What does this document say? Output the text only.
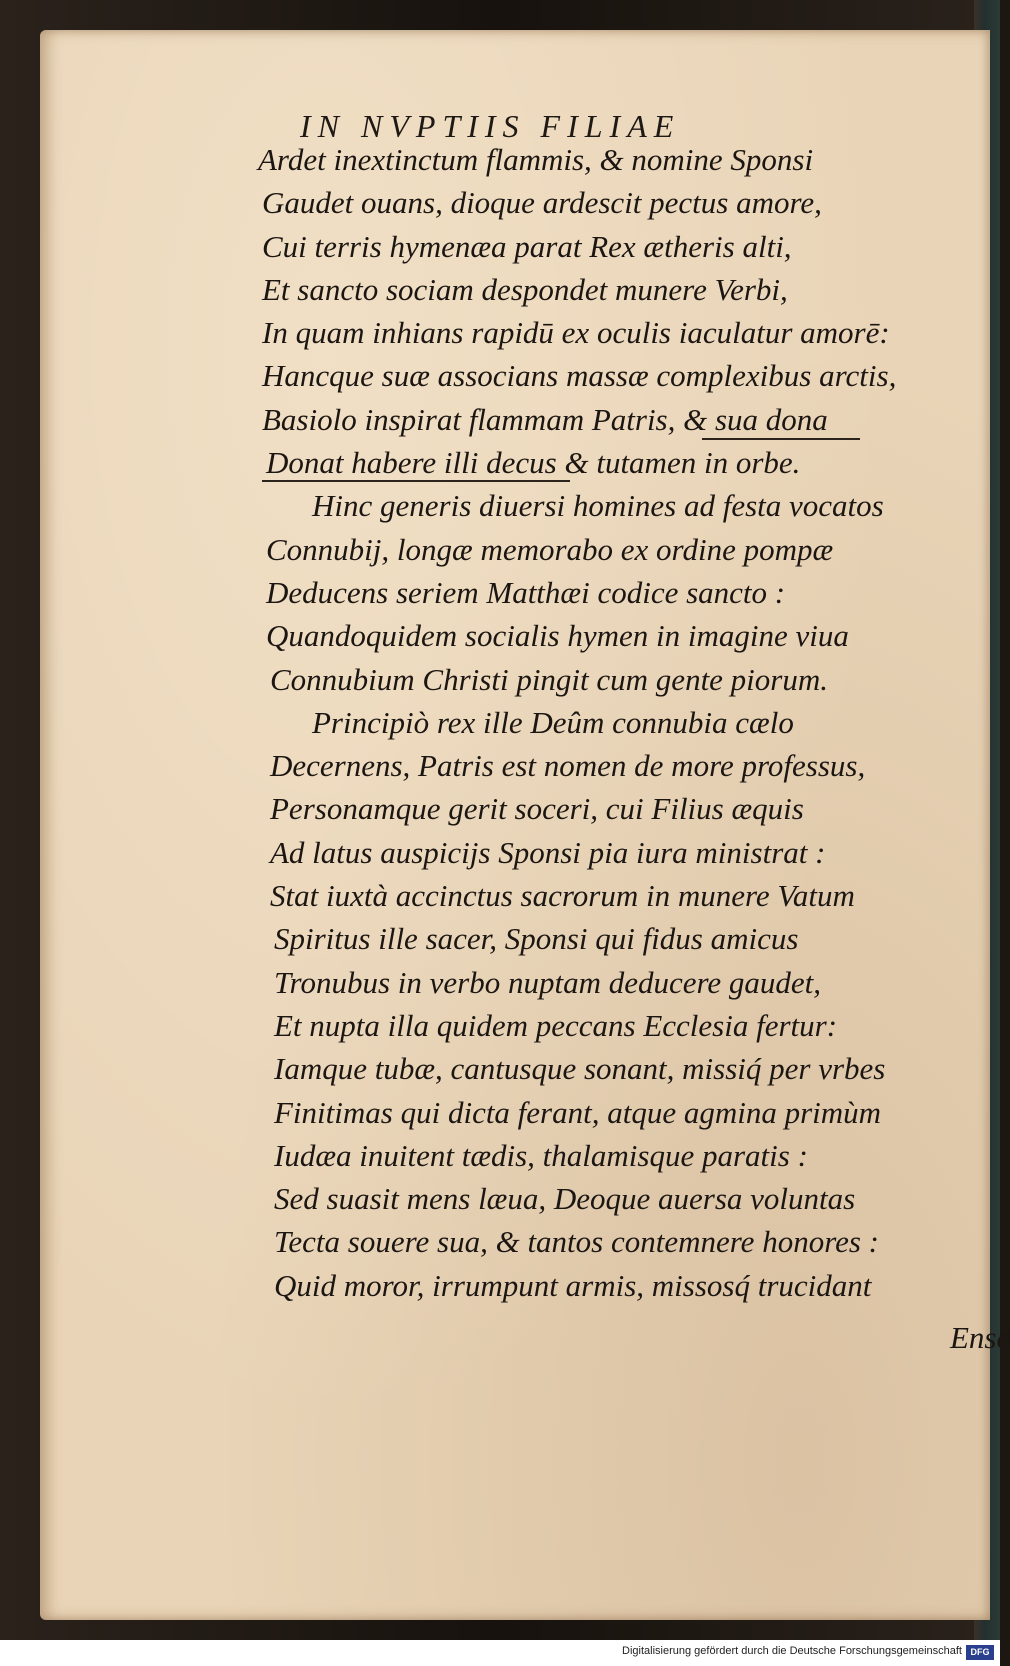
IN NVPTIIS FILIAE
Ardet inextinctum flammis, & nomine Sponsi
Gaudet ouans, dioque ardescit pectus amore,
Cui terris hymenæa parat Rex ætheris alti,
Et sancto sociam despondet munere Verbi,
In quam inhians rapidū ex oculis iaculatur amorē:
Hancque suæ associans massæ complexibus arctis,
Basiolo inspirat flammam Patris, & sua dona
Donat habere illi decus & tutamen in orbe.
Hinc generis diuersi homines ad festa vocatos
Connubij, longæ memorabo ex ordine pompæ
Deducens seriem Matthæi codice sancto :
Quandoquidem socialis hymen in imagine viua
Connubium Christi pingit cum gente piorum.
Principiò rex ille Deûm connubia cælo
Decernens, Patris est nomen de more professus,
Personamque gerit soceri, cui Filius æquis
Ad latus auspicijs Sponsi pia iura ministrat :
Stat iuxtà accinctus sacrorum in munere Vatum
Spiritus ille sacer, Sponsi qui fidus amicus
Tronubus in verbo nuptam deducere gaudet,
Et nupta illa quidem peccans Ecclesia fertur:
Iamque tubæ, cantusque sonant, missiq́ per vrbes
Finitimas qui dicta ferant, atque agmina primùm
Iudæa inuitent tædis, thalamisque paratis :
Sed suasit mens læua, Deoque auersa voluntas
Tecta souere sua, & tantos contemnere honores :
Quid moror, irrumpunt armis, missosq́ trucidant
Ense
Digitalisierung gefördert durch die Deutsche Forschungsgemeinschaft DFG
